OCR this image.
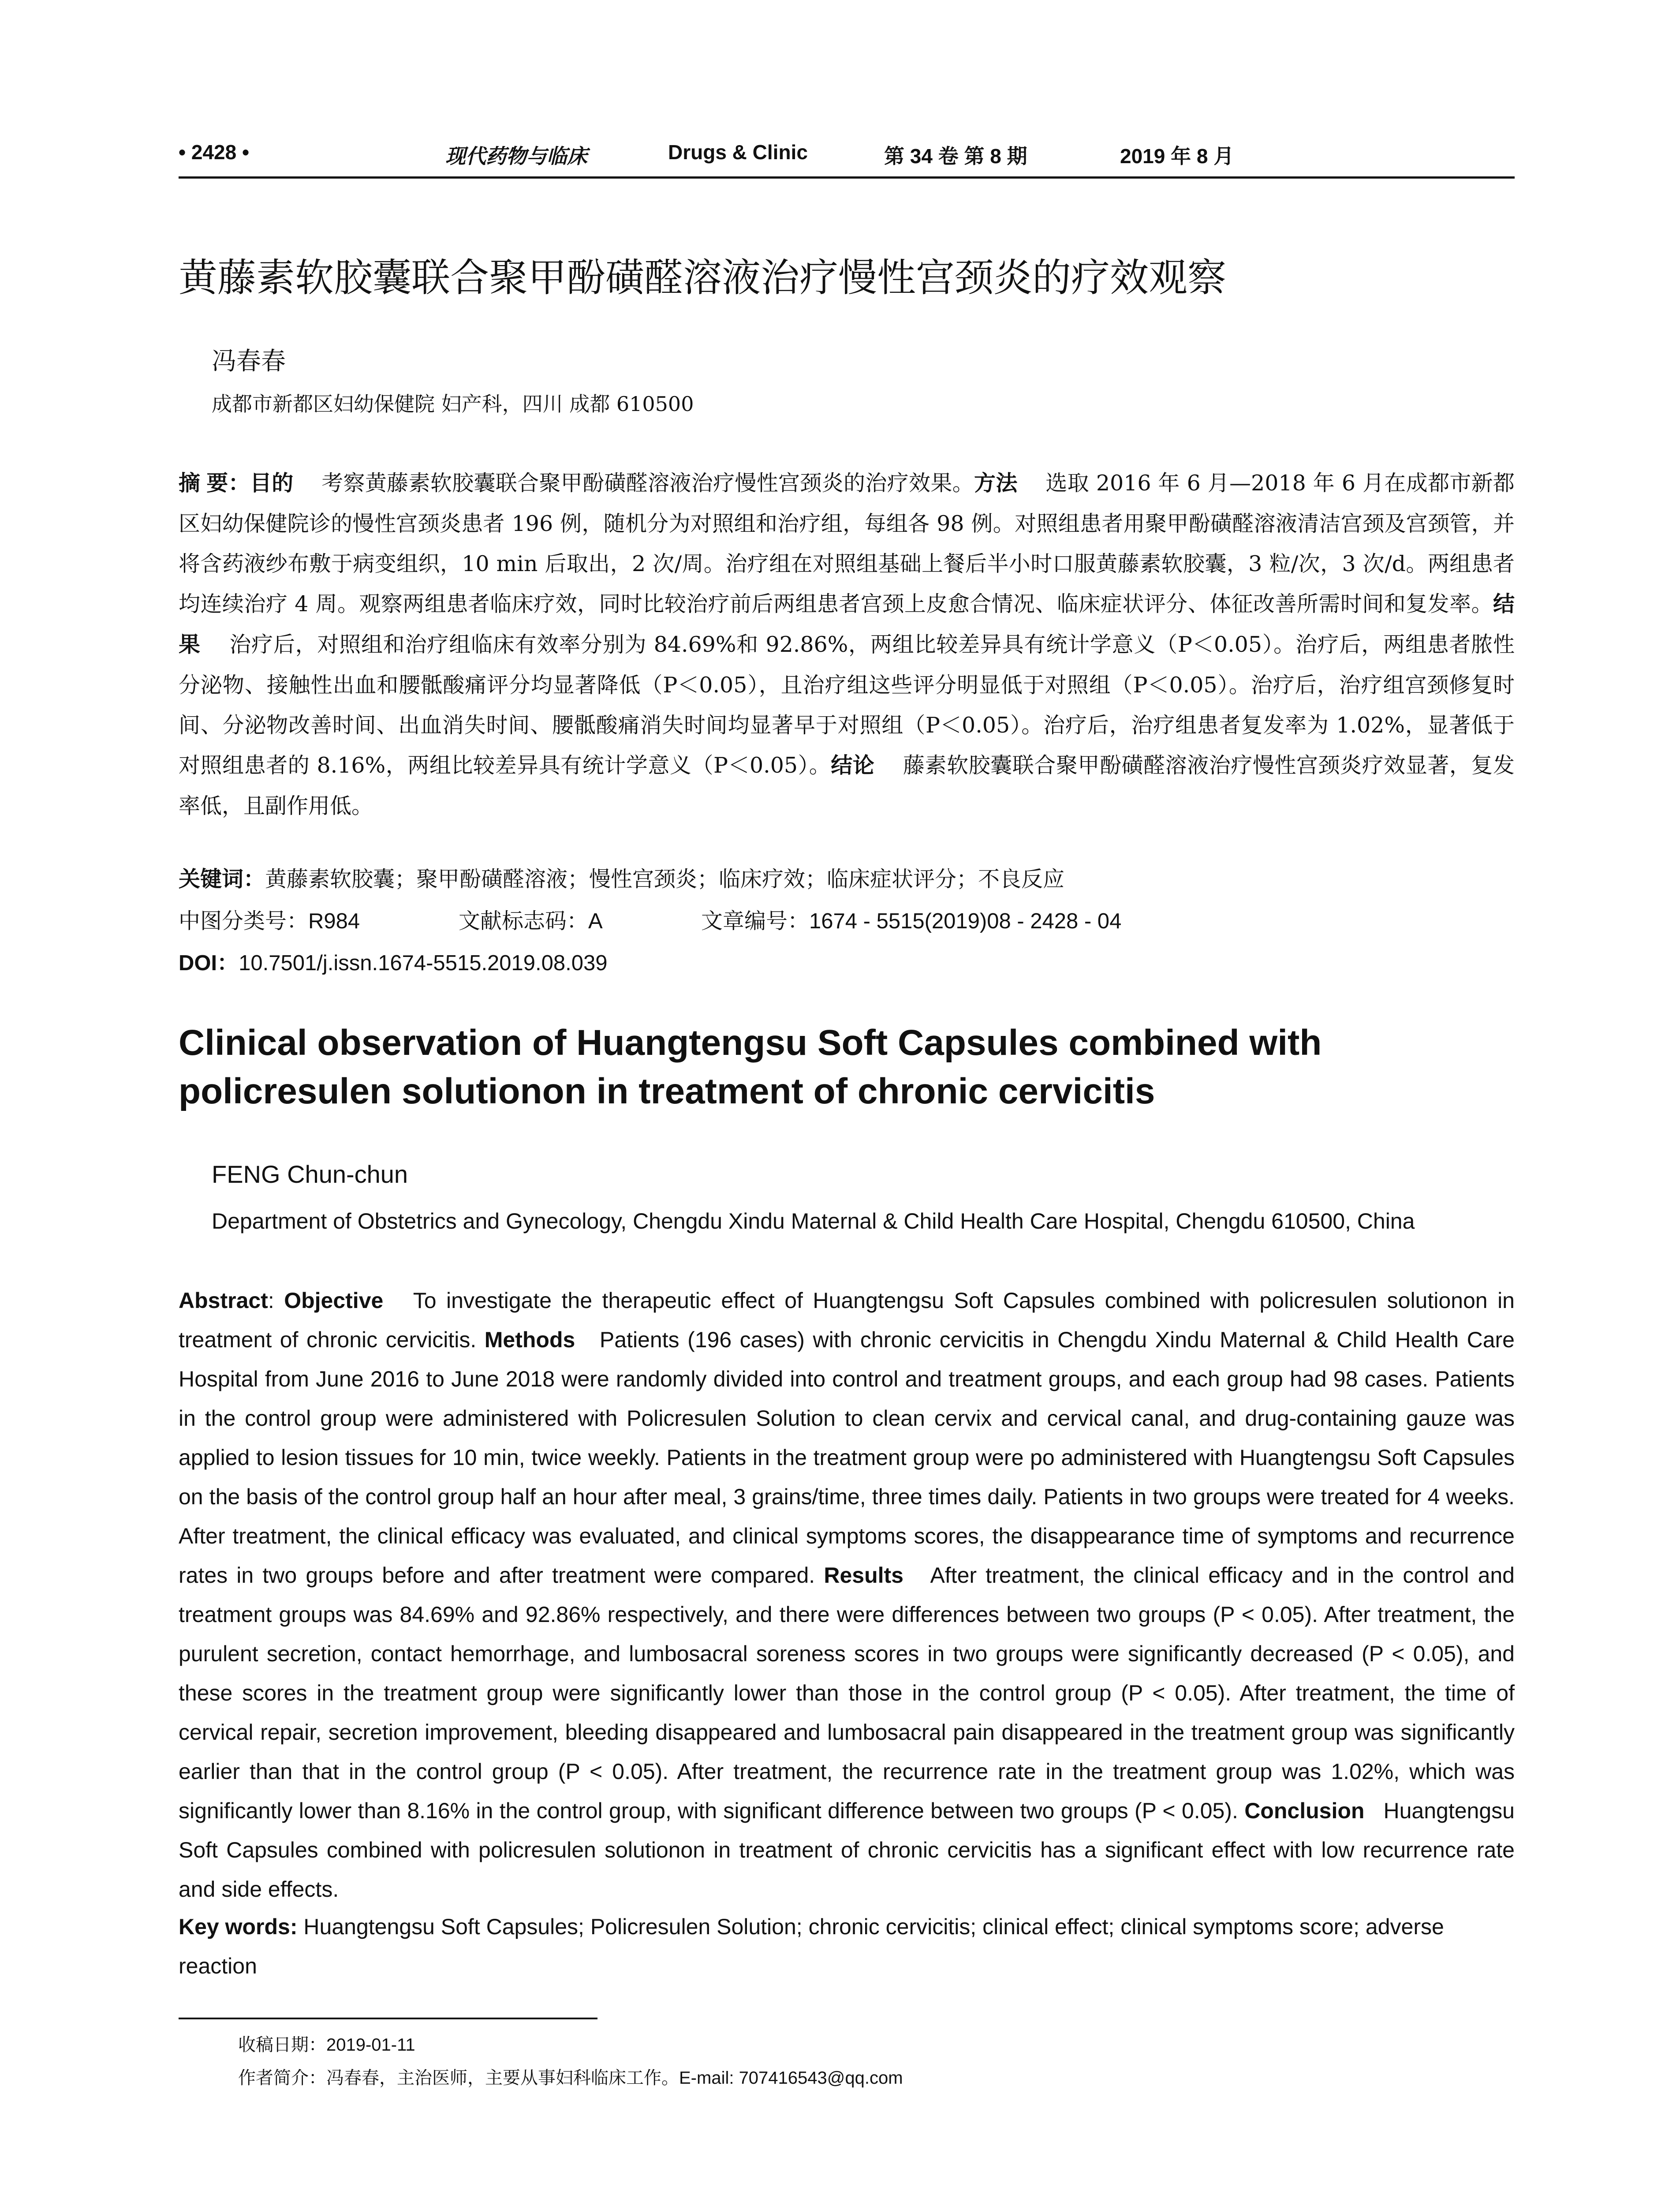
• 2428 •	现代药物与临床	Drugs & Clinic	第 34 卷 第 8 期	2019 年 8 月
黄藤素软胶囊联合聚甲酚磺醛溶液治疗慢性宫颈炎的疗效观察
冯春春
成都市新都区妇幼保健院 妇产科，四川 成都 610500
摘 要：目的 考察黄藤素软胶囊联合聚甲酚磺醛溶液治疗慢性宫颈炎的治疗效果。方法 选取 2016 年 6 月—2018 年 6 月在成都市新都区妇幼保健院诊的慢性宫颈炎患者 196 例，随机分为对照组和治疗组，每组各 98 例。对照组患者用聚甲酚磺醛溶液清洁宫颈及宫颈管，并将含药液纱布敷于病变组织，10 min 后取出，2 次/周。治疗组在对照组基础上餐后半小时口服黄藤素软胶囊，3 粒/次，3 次/d。两组患者均连续治疗 4 周。观察两组患者临床疗效，同时比较治疗前后两组患者宫颈上皮愈合情况、临床症状评分、体征改善所需时间和复发率。结果 治疗后，对照组和治疗组临床有效率分别为 84.69%和 92.86%，两组比较差异具有统计学意义（P＜0.05）。治疗后，两组患者脓性分泌物、接触性出血和腰骶酸痛评分均显著降低（P＜0.05），且治疗组这些评分明显低于对照组（P＜0.05）。治疗后，治疗组宫颈修复时间、分泌物改善时间、出血消失时间、腰骶酸痛消失时间均显著早于对照组（P＜0.05）。治疗后，治疗组患者复发率为 1.02%，显著低于对照组患者的 8.16%，两组比较差异具有统计学意义（P＜0.05）。结论 藤素软胶囊联合聚甲酚磺醛溶液治疗慢性宫颈炎疗效显著，复发率低，且副作用低。
关键词：黄藤素软胶囊；聚甲酚磺醛溶液；慢性宫颈炎；临床疗效；临床症状评分；不良反应
中图分类号：R984	文献标志码：A	文章编号：1674 - 5515(2019)08 - 2428 - 04
DOI：10.7501/j.issn.1674-5515.2019.08.039
Clinical observation of Huangtengsu Soft Capsules combined with policresulen solutionon in treatment of chronic cervicitis
FENG Chun-chun
Department of Obstetrics and Gynecology, Chengdu Xindu Maternal & Child Health Care Hospital, Chengdu 610500, China
Abstract: Objective To investigate the therapeutic effect of Huangtengsu Soft Capsules combined with policresulen solutionon in treatment of chronic cervicitis. Methods Patients (196 cases) with chronic cervicitis in Chengdu Xindu Maternal & Child Health Care Hospital from June 2016 to June 2018 were randomly divided into control and treatment groups, and each group had 98 cases. Patients in the control group were administered with Policresulen Solution to clean cervix and cervical canal, and drug-containing gauze was applied to lesion tissues for 10 min, twice weekly. Patients in the treatment group were po administered with Huangtengsu Soft Capsules on the basis of the control group half an hour after meal, 3 grains/time, three times daily. Patients in two groups were treated for 4 weeks. After treatment, the clinical efficacy was evaluated, and clinical symptoms scores, the disappearance time of symptoms and recurrence rates in two groups before and after treatment were compared. Results After treatment, the clinical efficacy and in the control and treatment groups was 84.69% and 92.86% respectively, and there were differences between two groups (P < 0.05). After treatment, the purulent secretion, contact hemorrhage, and lumbosacral soreness scores in two groups were significantly decreased (P < 0.05), and these scores in the treatment group were significantly lower than those in the control group (P < 0.05). After treatment, the time of cervical repair, secretion improvement, bleeding disappeared and lumbosacral pain disappeared in the treatment group was significantly earlier than that in the control group (P < 0.05). After treatment, the recurrence rate in the treatment group was 1.02%, which was significantly lower than 8.16% in the control group, with significant difference between two groups (P < 0.05). Conclusion Huangtengsu Soft Capsules combined with policresulen solutionon in treatment of chronic cervicitis has a significant effect with low recurrence rate and side effects.
Key words: Huangtengsu Soft Capsules; Policresulen Solution; chronic cervicitis; clinical effect; clinical symptoms score; adverse reaction
收稿日期：2019-01-11
作者简介：冯春春，主治医师，主要从事妇科临床工作。E-mail: 707416543@qq.com
